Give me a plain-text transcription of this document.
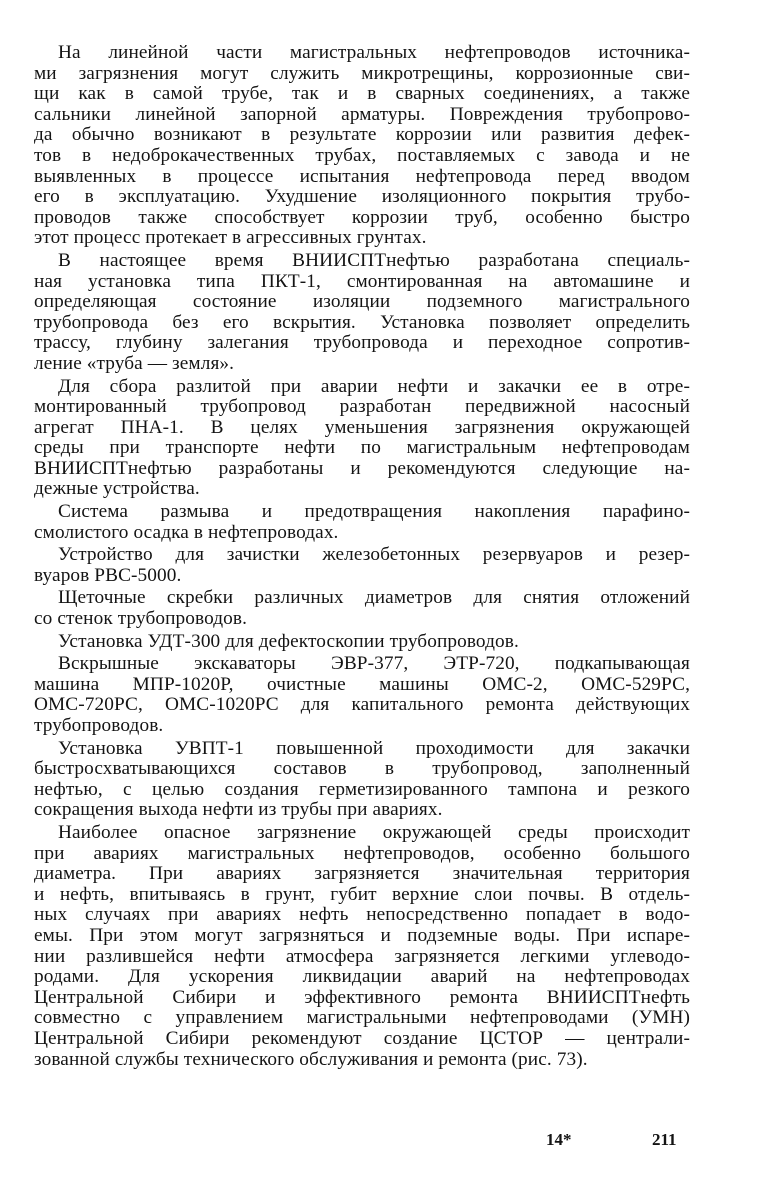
На линейной части магистральных нефтепроводов источника-
ми загрязнения могут служить микротрещины, коррозионные сви-
щи как в самой трубе, так и в сварных соединениях, а также
сальники линейной запорной арматуры. Повреждения трубопрово-
да обычно возникают в результате коррозии или развития дефек-
тов в недоброкачественных трубах, поставляемых с завода и не
выявленных в процессе испытания нефтепровода перед вводом
его в эксплуатацию. Ухудшение изоляционного покрытия трубо-
проводов также способствует коррозии труб, особенно быстро
этот процесс протекает в агрессивных грунтах.
В настоящее время ВНИИСПТнефтью разработана специаль-
ная установка типа ПКТ-1, смонтированная на автомашине и
определяющая состояние изоляции подземного магистрального
трубопровода без его вскрытия. Установка позволяет определить
трассу, глубину залегания трубопровода и переходное сопротив-
ление «труба — земля».
Для сбора разлитой при аварии нефти и закачки ее в отре-
монтированный трубопровод разработан передвижной насосный
агрегат ПНА-1. В целях уменьшения загрязнения окружающей
среды при транспорте нефти по магистральным нефтепроводам
ВНИИСПТнефтью разработаны и рекомендуются следующие на-
дежные устройства.
Система размыва и предотвращения накопления парафино-
смолистого осадка в нефтепроводах.
Устройство для зачистки железобетонных резервуаров и резер-
вуаров РВС-5000.
Щеточные скребки различных диаметров для снятия отложений
со стенок трубопроводов.
Установка УДТ-300 для дефектоскопии трубопроводов.
Вскрышные экскаваторы ЭВР-377, ЭТР-720, подкапывающая
машина МПР-1020Р, очистные машины ОМС-2, ОМС-529РС,
ОМС-720РС, ОМС-1020РС для капитального ремонта действующих
трубопроводов.
Установка УВПТ-1 повышенной проходимости для закачки
быстросхватывающихся составов в трубопровод, заполненный
нефтью, с целью создания герметизированного тампона и резкого
сокращения выхода нефти из трубы при авариях.
Наиболее опасное загрязнение окружающей среды происходит
при авариях магистральных нефтепроводов, особенно большого
диаметра. При авариях загрязняется значительная территория
и нефть, впитываясь в грунт, губит верхние слои почвы. В отдель-
ных случаях при авариях нефть непосредственно попадает в водо-
емы. При этом могут загрязняться и подземные воды. При испаре-
нии разлившейся нефти атмосфера загрязняется легкими углеводо-
родами. Для ускорения ликвидации аварий на нефтепроводах
Центральной Сибири и эффективного ремонта ВНИИСПТнефть
совместно с управлением магистральными нефтепроводами (УМН)
Центральной Сибири рекомендуют создание ЦСТОР — централи-
зованной службы технического обслуживания и ремонта (рис. 73).
14*	211
